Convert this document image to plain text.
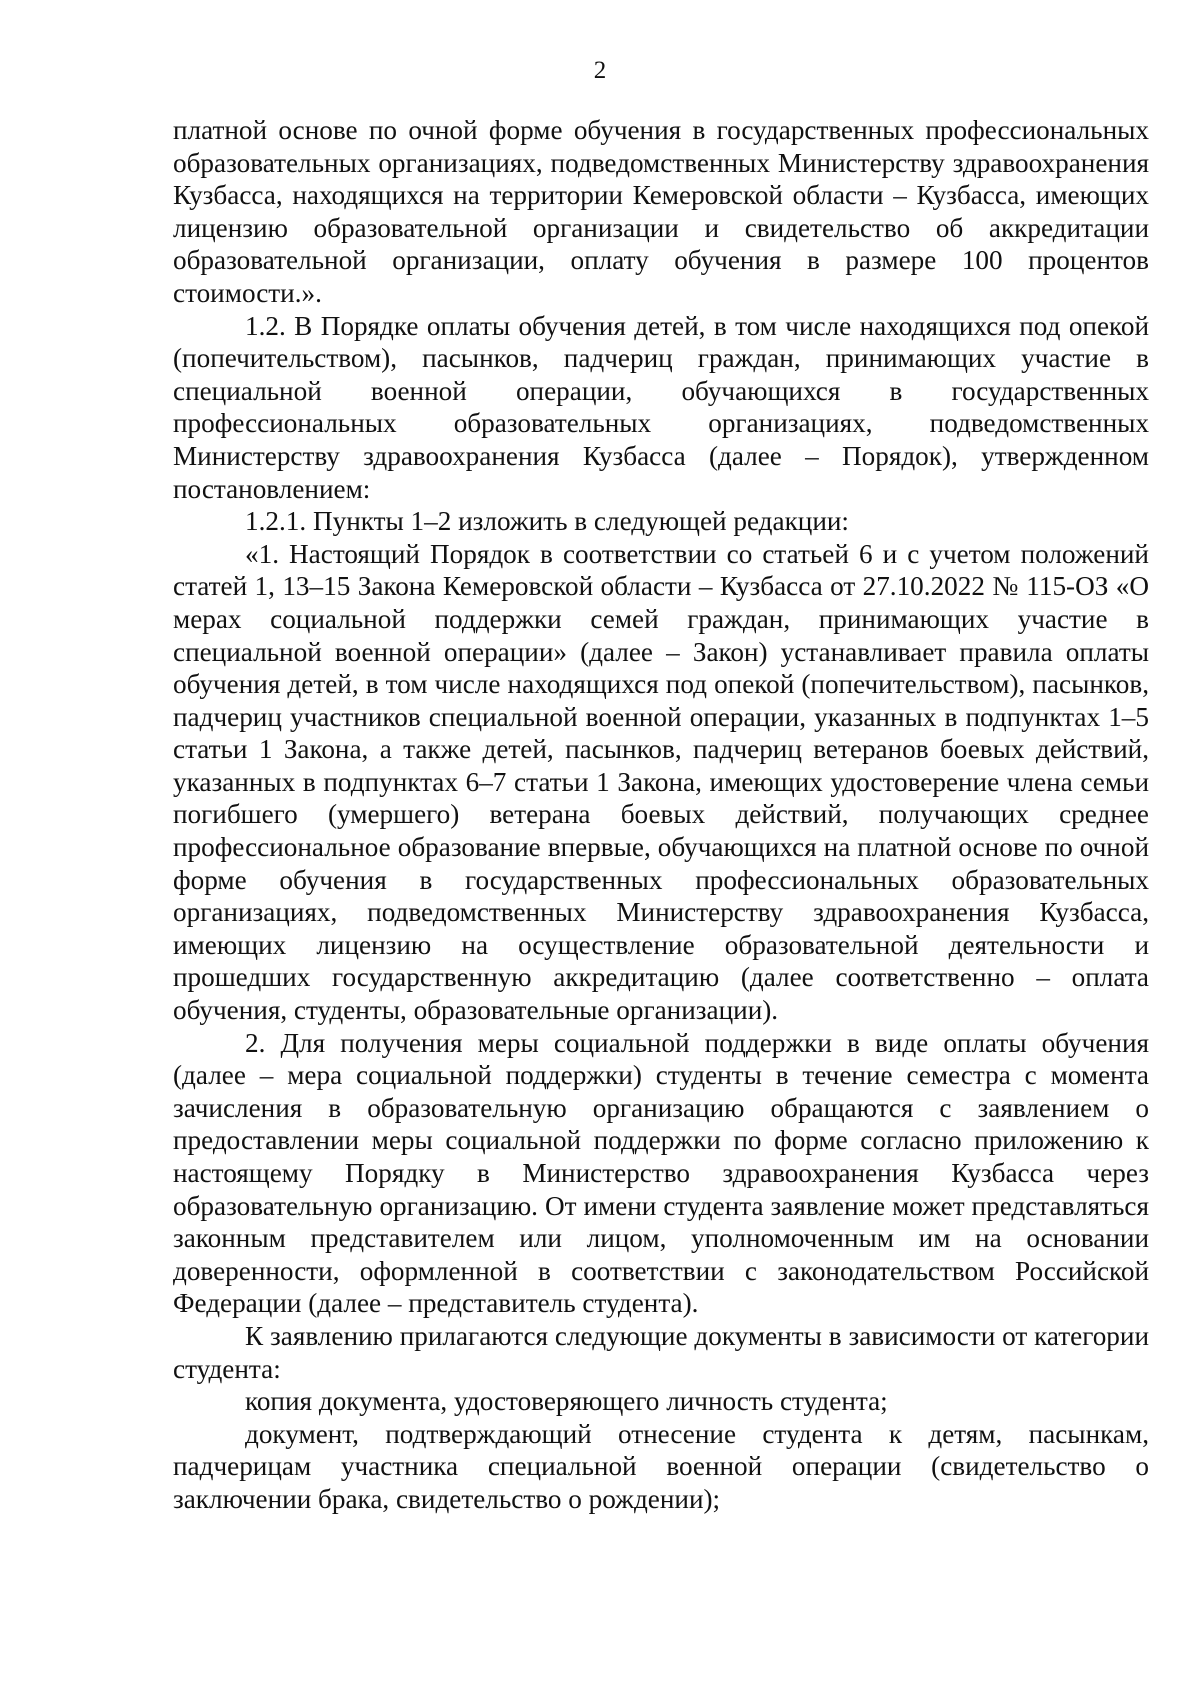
2

платной основе по очной форме обучения в государственных профессиональных образовательных организациях, подведомственных Министерству здравоохранения Кузбасса, находящихся на территории Кемеровской области – Кузбасса, имеющих лицензию образовательной организации и свидетельство об аккредитации образовательной организации, оплату обучения в размере 100 процентов стоимости.».

1.2. В Порядке оплаты обучения детей, в том числе находящихся под опекой (попечительством), пасынков, падчериц граждан, принимающих участие в специальной военной операции, обучающихся в государственных профессиональных образовательных организациях, подведомственных Министерству здравоохранения Кузбасса (далее – Порядок), утвержденном постановлением:

1.2.1. Пункты 1–2 изложить в следующей редакции:

«1. Настоящий Порядок в соответствии со статьей 6 и с учетом положений статей 1, 13–15 Закона Кемеровской области – Кузбасса от 27.10.2022 № 115-ОЗ «О мерах социальной поддержки семей граждан, принимающих участие в специальной военной операции» (далее – Закон) устанавливает правила оплаты обучения детей, в том числе находящихся под опекой (попечительством), пасынков, падчериц участников специальной военной операции, указанных в подпунктах 1–5 статьи 1 Закона, а также детей, пасынков, падчериц ветеранов боевых действий, указанных в подпунктах 6–7 статьи 1 Закона, имеющих удостоверение члена семьи погибшего (умершего) ветерана боевых действий, получающих среднее профессиональное образование впервые, обучающихся на платной основе по очной форме обучения в государственных профессиональных образовательных организациях, подведомственных Министерству здравоохранения Кузбасса, имеющих лицензию на осуществление образовательной деятельности и прошедших государственную аккредитацию (далее соответственно – оплата обучения, студенты, образовательные организации).

2. Для получения меры социальной поддержки в виде оплаты обучения (далее – мера социальной поддержки) студенты в течение семестра с момента зачисления в образовательную организацию обращаются с заявлением о предоставлении меры социальной поддержки по форме согласно приложению к настоящему Порядку в Министерство здравоохранения Кузбасса через образовательную организацию. От имени студента заявление может представляться законным представителем или лицом, уполномоченным им на основании доверенности, оформленной в соответствии с законодательством Российской Федерации (далее – представитель студента).

К заявлению прилагаются следующие документы в зависимости от категории студента:

копия документа, удостоверяющего личность студента;

документ, подтверждающий отнесение студента к детям, пасынкам, падчерицам участника специальной военной операции (свидетельство о заключении брака, свидетельство о рождении);
